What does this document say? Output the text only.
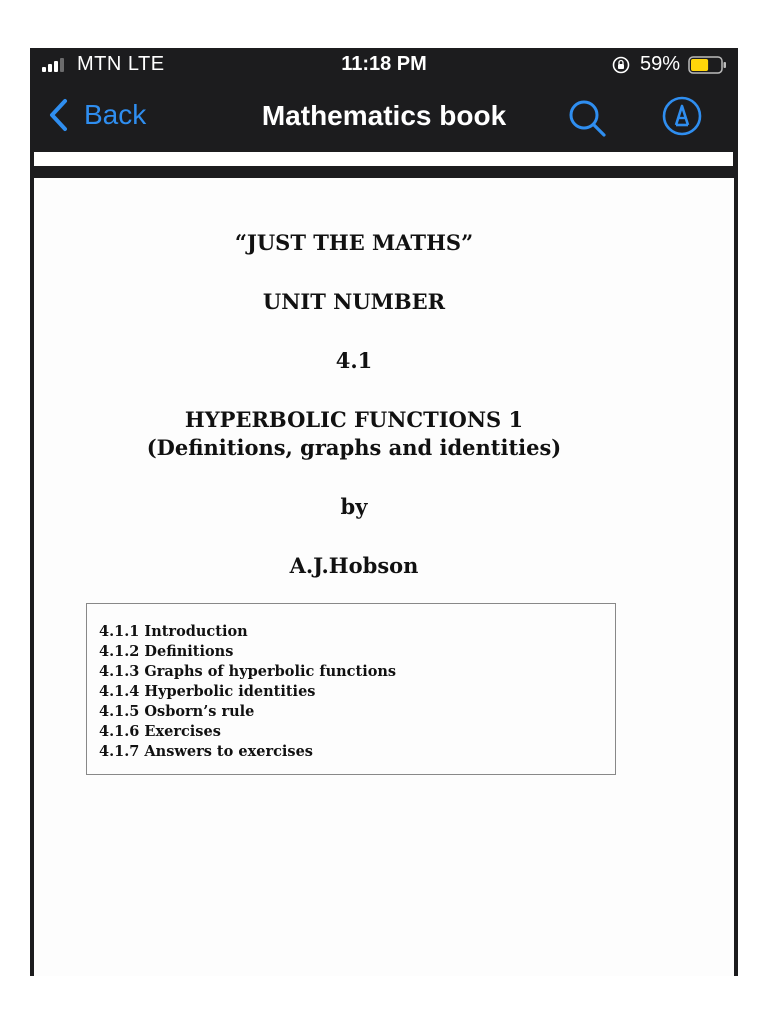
MTN LTE	11:18 PM	59%
Back	Mathematics book
“JUST THE MATHS”
UNIT NUMBER
4.1
HYPERBOLIC FUNCTIONS 1
(Definitions, graphs and identities)
by
A.J.Hobson
4.1.1 Introduction
4.1.2 Definitions
4.1.3 Graphs of hyperbolic functions
4.1.4 Hyperbolic identities
4.1.5 Osborn’s rule
4.1.6 Exercises
4.1.7 Answers to exercises
